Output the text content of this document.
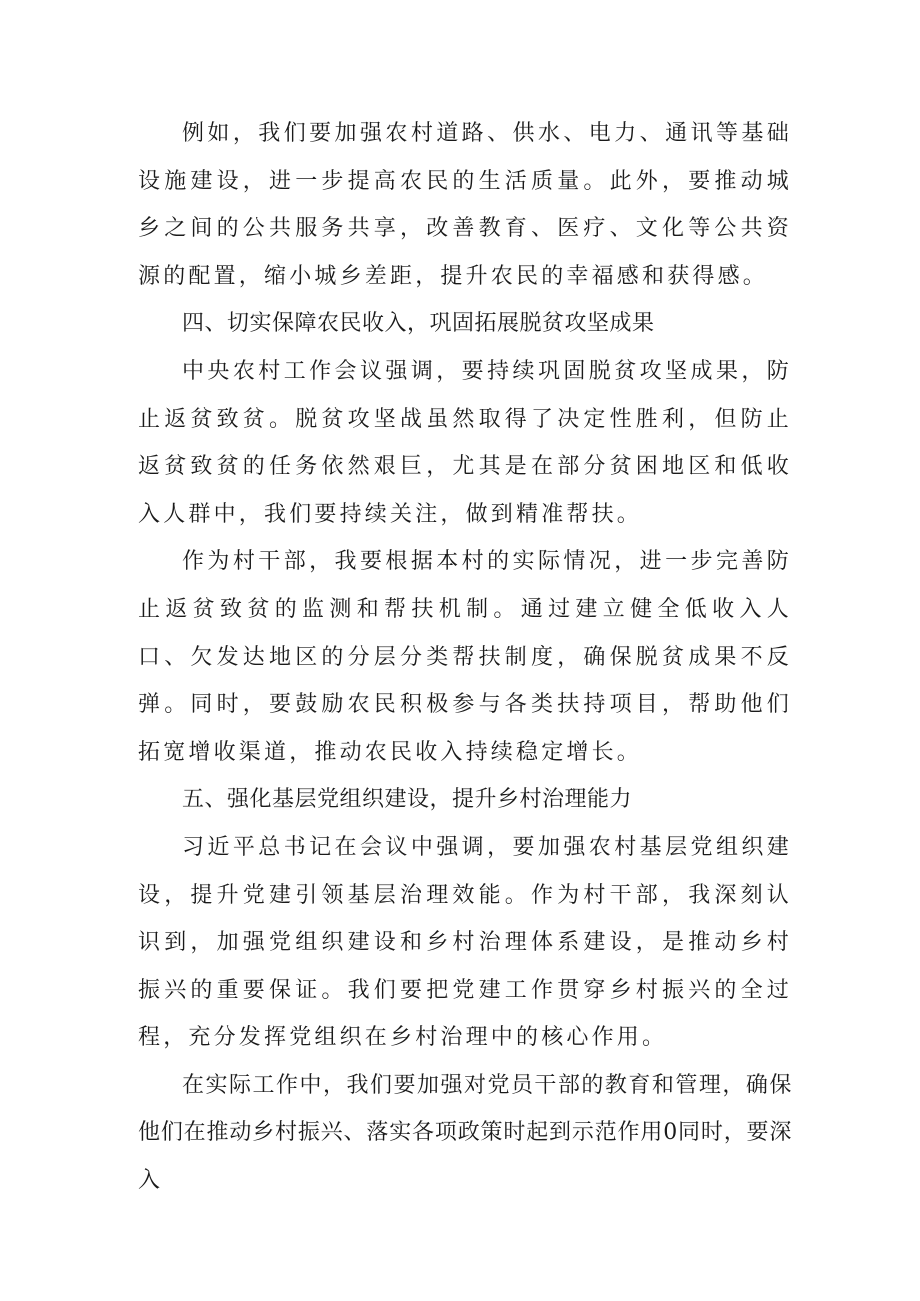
例如，我们要加强农村道路、供水、电力、通讯等基础设施建设，进一步提高农民的生活质量。此外，要推动城乡之间的公共服务共享，改善教育、医疗、文化等公共资源的配置，缩小城乡差距，提升农民的幸福感和获得感。

四、切实保障农民收入，巩固拓展脱贫攻坚成果

中央农村工作会议强调，要持续巩固脱贫攻坚成果，防止返贫致贫。脱贫攻坚战虽然取得了决定性胜利，但防止返贫致贫的任务依然艰巨，尤其是在部分贫困地区和低收入人群中，我们要持续关注，做到精准帮扶。

作为村干部，我要根据本村的实际情况，进一步完善防止返贫致贫的监测和帮扶机制。通过建立健全低收入人口、欠发达地区的分层分类帮扶制度，确保脱贫成果不反弹。同时，要鼓励农民积极参与各类扶持项目，帮助他们拓宽增收渠道，推动农民收入持续稳定增长。

五、强化基层党组织建设，提升乡村治理能力

习近平总书记在会议中强调，要加强农村基层党组织建设，提升党建引领基层治理效能。作为村干部，我深刻认识到，加强党组织建设和乡村治理体系建设，是推动乡村振兴的重要保证。我们要把党建工作贯穿乡村振兴的全过程，充分发挥党组织在乡村治理中的核心作用。

在实际工作中，我们要加强对党员干部的教育和管理，确保他们在推动乡村振兴、落实各项政策时起到示范作用0同时，要深入
